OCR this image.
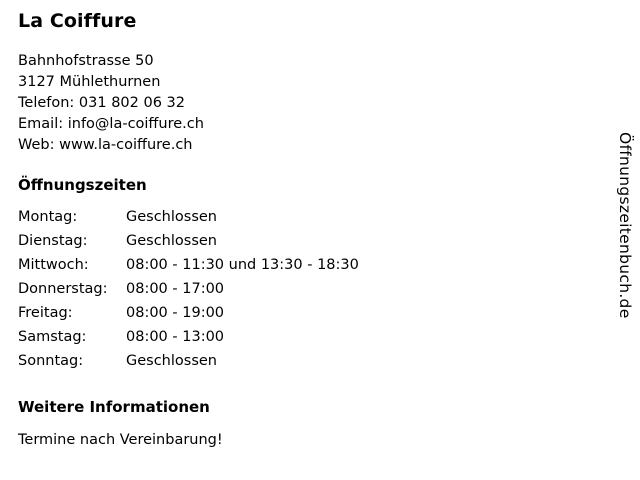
La Coiffure
Bahnhofstrasse 50
3127 Mühlethurnen
Telefon: 031 802 06 32
Email: info@la-coiffure.ch
Web: www.la-coiffure.ch
Öffnungszeiten
Montag:	Geschlossen
Dienstag:	Geschlossen
Mittwoch:	08:00 - 11:30 und 13:30 - 18:30
Donnerstag:	08:00 - 17:00
Freitag:	08:00 - 19:00
Samstag:	08:00 - 13:00
Sonntag:	Geschlossen
Weitere Informationen
Termine nach Vereinbarung!
Öffnungszeitenbuch.de
